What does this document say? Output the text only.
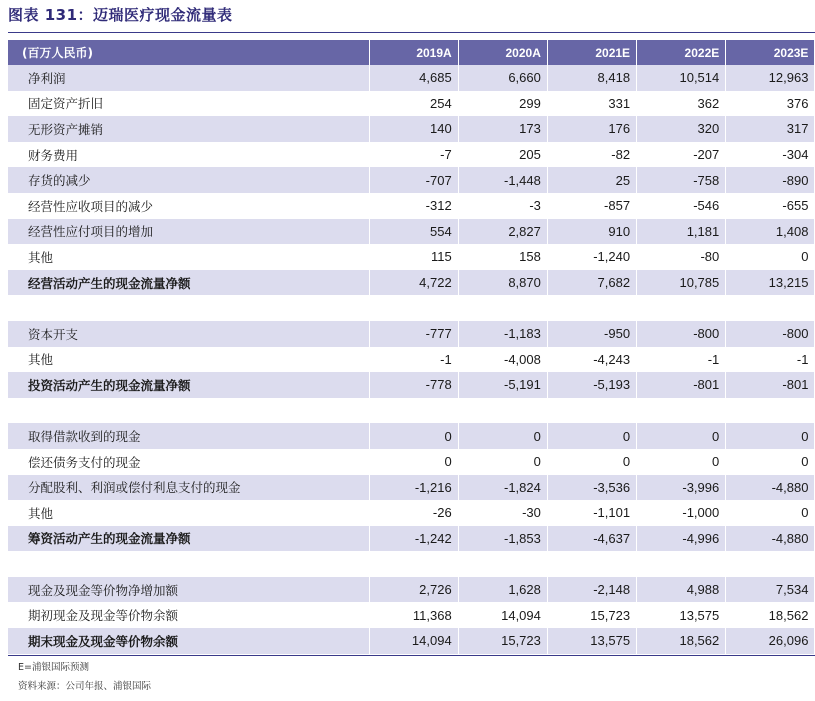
图表 131：迈瑞医疗现金流量表
(百万人民币)	2019A	2020A	2021E	2022E	2023E
净利润	4,685	6,660	8,418	10,514	12,963
固定资产折旧	254	299	331	362	376
无形资产摊销	140	173	176	320	317
财务费用	-7	205	-82	-207	-304
存货的减少	-707	-1,448	25	-758	-890
经营性应收项目的减少	-312	-3	-857	-546	-655
经营性应付项目的增加	554	2,827	910	1,181	1,408
其他	115	158	-1,240	-80	0
经营活动产生的现金流量净额	4,722	8,870	7,682	10,785	13,215

资本开支	-777	-1,183	-950	-800	-800
其他	-1	-4,008	-4,243	-1	-1
投资活动产生的现金流量净额	-778	-5,191	-5,193	-801	-801

取得借款收到的现金	0	0	0	0	0
偿还债务支付的现金	0	0	0	0	0
分配股利、利润或偿付利息支付的现金	-1,216	-1,824	-3,536	-3,996	-4,880
其他	-26	-30	-1,101	-1,000	0
筹资活动产生的现金流量净额	-1,242	-1,853	-4,637	-4,996	-4,880

现金及现金等价物净增加额	2,726	1,628	-2,148	4,988	7,534
期初现金及现金等价物余额	11,368	14,094	15,723	13,575	18,562
期末现金及现金等价物余额	14,094	15,723	13,575	18,562	26,096
E=浦银国际预测
资料来源：公司年报、浦银国际
